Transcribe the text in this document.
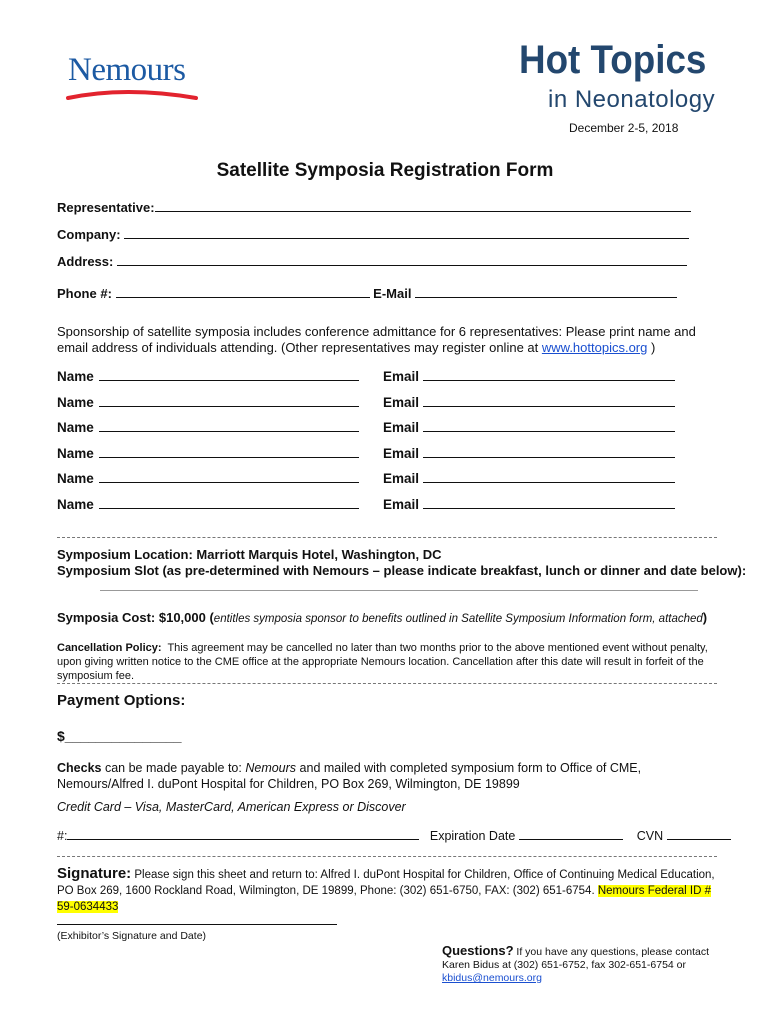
Nemours	Hot Topics
in Neonatology
December 2-5, 2018
Satellite Symposia Registration Form
Representative:
Company:
Address:
Phone #:	E-Mail
Sponsorship of satellite symposia includes conference admittance for 6 representatives: Please print name and email address of individuals attending. (Other representatives may register online at www.hottopics.org )
Name	Email
Name	Email
Name	Email
Name	Email
Name	Email
Name	Email
Symposium Location: Marriott Marquis Hotel, Washington, DC
Symposium Slot (as pre-determined with Nemours – please indicate breakfast, lunch or dinner and date below):
Symposia Cost: $10,000 (entitles symposia sponsor to benefits outlined in Satellite Symposium Information form, attached)
Cancellation Policy: This agreement may be cancelled no later than two months prior to the above mentioned event without penalty, upon giving written notice to the CME office at the appropriate Nemours location. Cancellation after this date will result in forfeit of the symposium fee.
Payment Options:
$_______________
Checks can be made payable to: Nemours and mailed with completed symposium form to Office of CME, Nemours/Alfred I. duPont Hospital for Children, PO Box 269, Wilmington, DE 19899
Credit Card – Visa, MasterCard, American Express or Discover
#:	Expiration Date	CVN
Signature: Please sign this sheet and return to: Alfred I. duPont Hospital for Children, Office of Continuing Medical Education, PO Box 269, 1600 Rockland Road, Wilmington, DE 19899, Phone: (302) 651-6750, FAX: (302) 651-6754. Nemours Federal ID # 59-0634433
(Exhibitor’s Signature and Date)
Questions? If you have any questions, please contact
Karen Bidus at (302) 651-6752, fax 302-651-6754 or
kbidus@nemours.org
